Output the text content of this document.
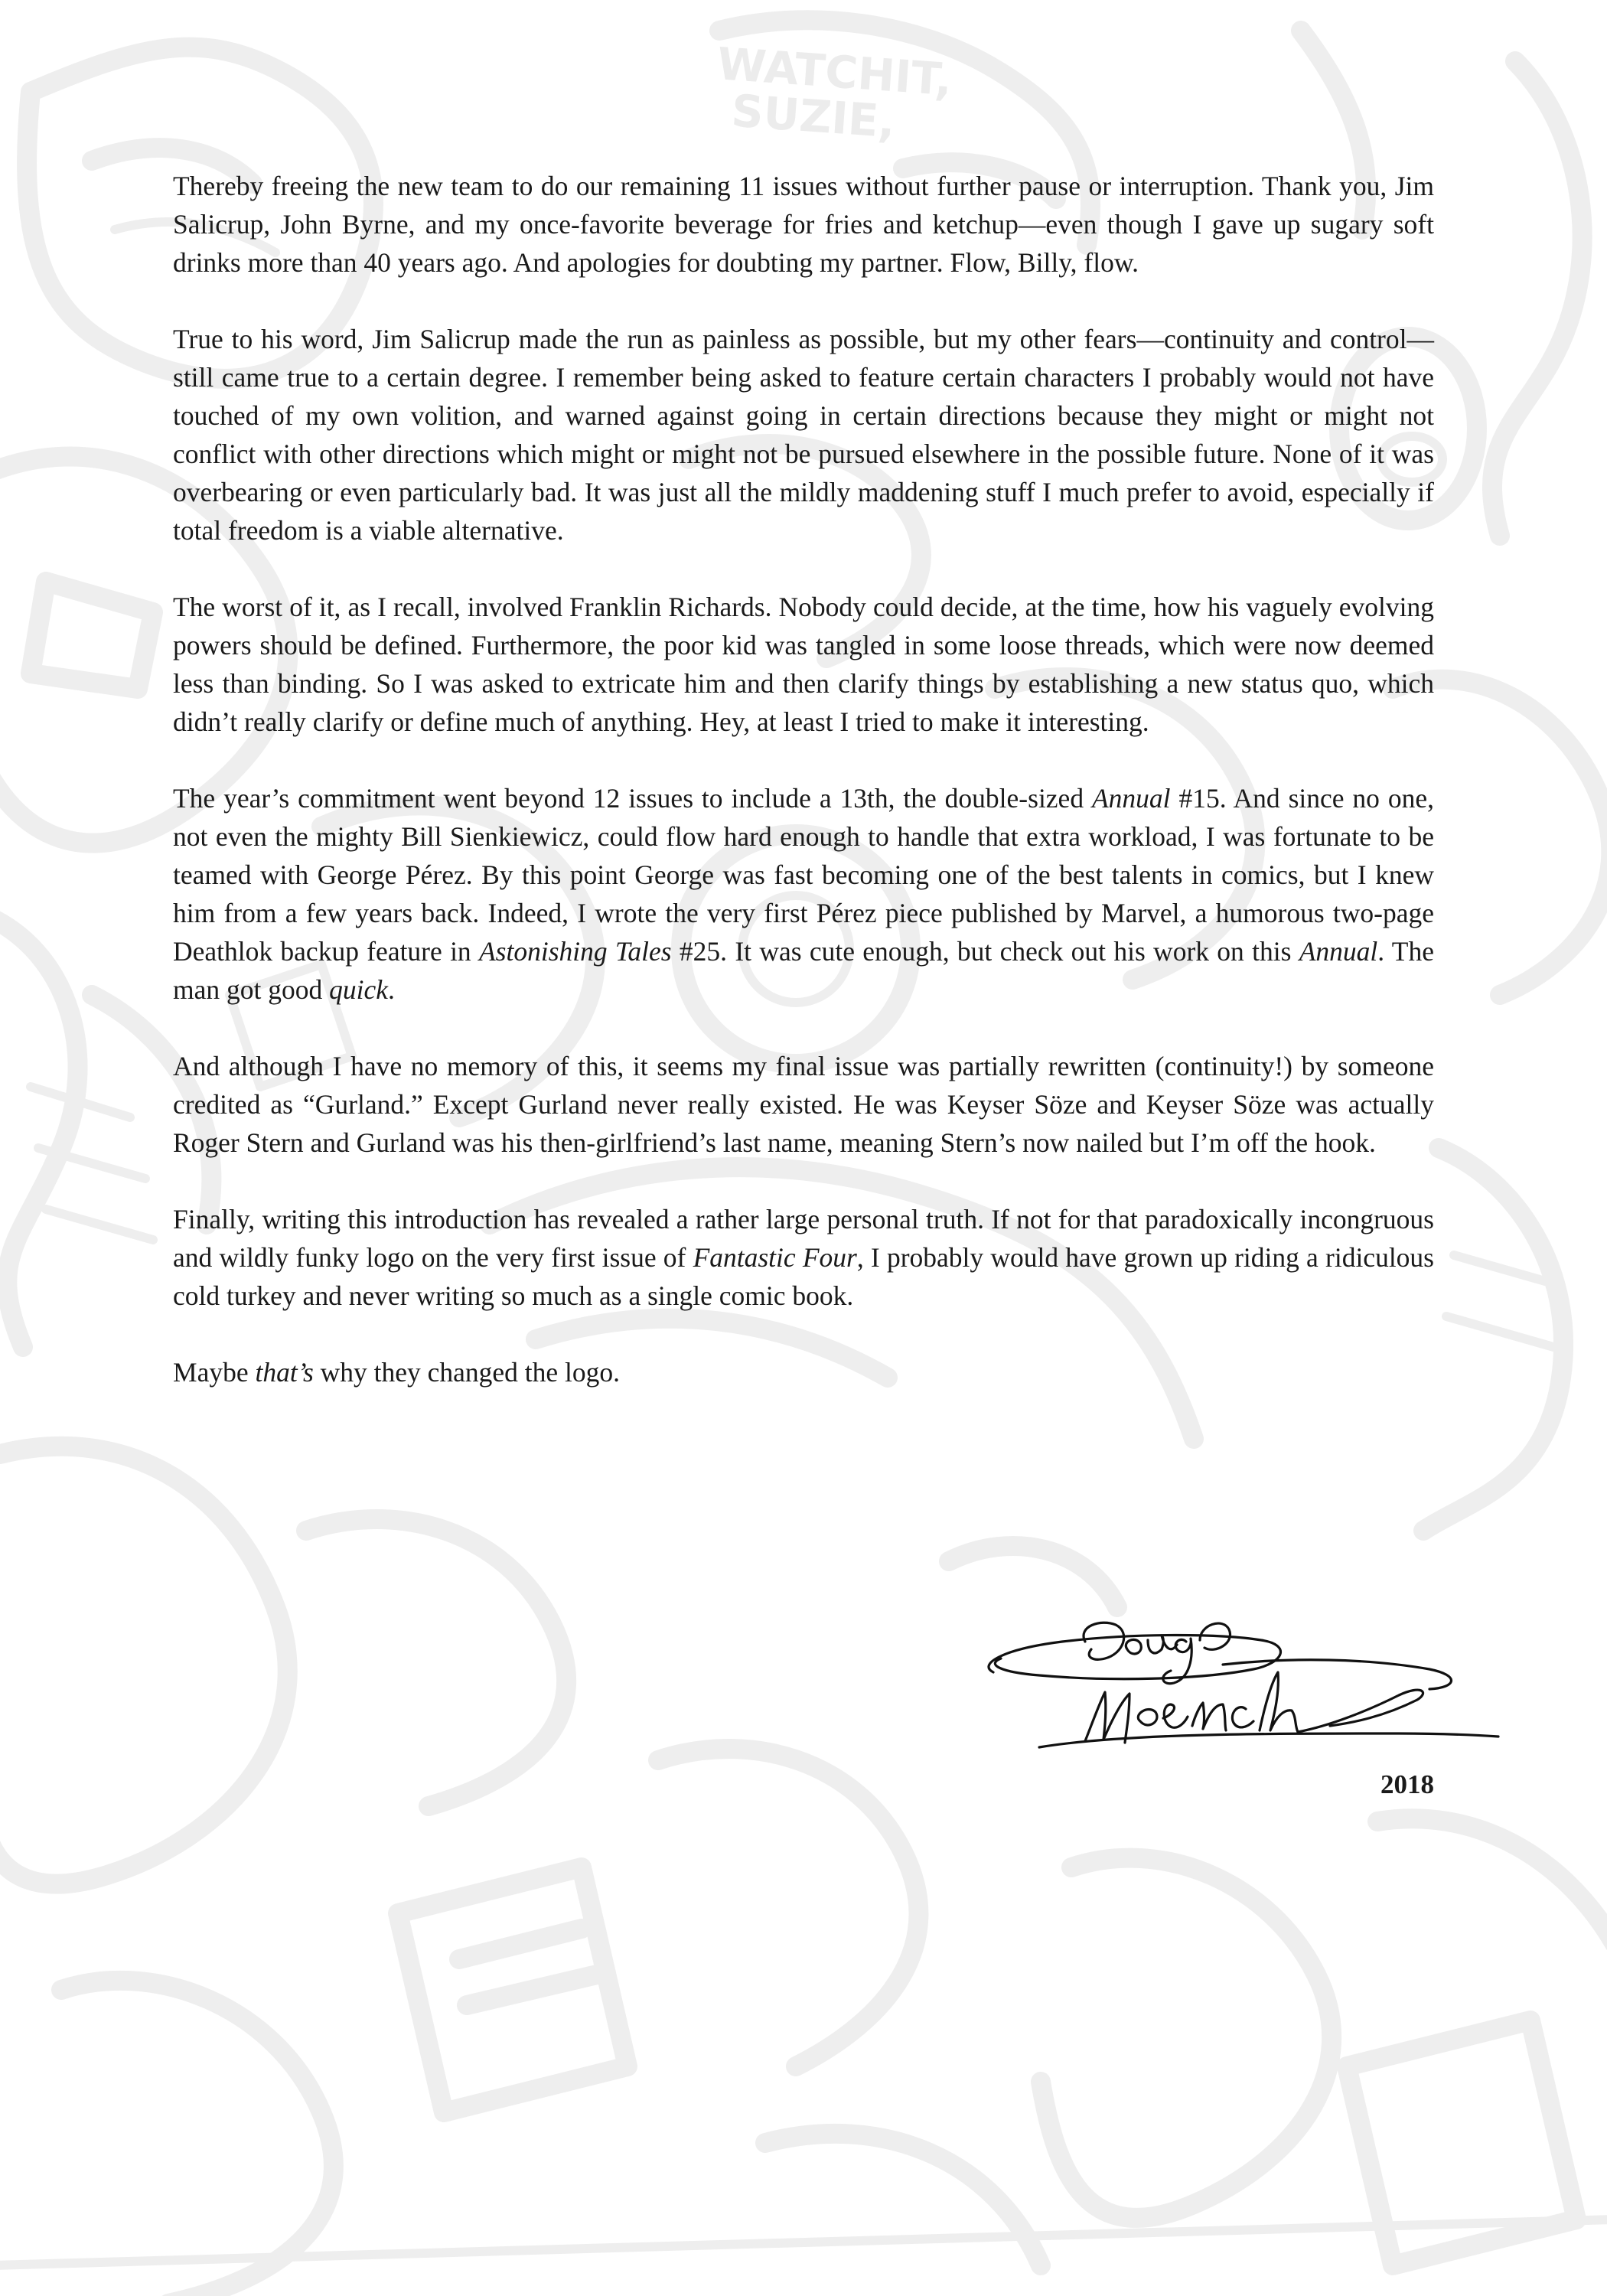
WATCHIT, SUZIE,

Thereby freeing the new team to do our remaining 11 issues without further pause or interruption. Thank you, Jim Salicrup, John Byrne, and my once-favorite beverage for fries and ketchup—even though I gave up sugary soft drinks more than 40 years ago. And apologies for doubting my partner. Flow, Billy, flow.

True to his word, Jim Salicrup made the run as painless as possible, but my other fears—continuity and control—still came true to a certain degree. I remember being asked to feature certain characters I probably would not have touched of my own volition, and warned against going in certain directions because they might or might not conflict with other directions which might or might not be pursued elsewhere in the possible future. None of it was overbearing or even particularly bad. It was just all the mildly maddening stuff I much prefer to avoid, especially if total freedom is a viable alternative.

The worst of it, as I recall, involved Franklin Richards. Nobody could decide, at the time, how his vaguely evolving powers should be defined. Furthermore, the poor kid was tangled in some loose threads, which were now deemed less than binding. So I was asked to extricate him and then clarify things by establishing a new status quo, which didn’t really clarify or define much of anything. Hey, at least I tried to make it interesting.

The year’s commitment went beyond 12 issues to include a 13th, the double-sized Annual #15. And since no one, not even the mighty Bill Sienkiewicz, could flow hard enough to handle that extra workload, I was fortunate to be teamed with George Pérez. By this point George was fast becoming one of the best talents in comics, but I knew him from a few years back. Indeed, I wrote the very first Pérez piece published by Marvel, a humorous two-page Deathlok backup feature in Astonishing Tales #25. It was cute enough, but check out his work on this Annual. The man got good quick.

And although I have no memory of this, it seems my final issue was partially rewritten (continuity!) by someone credited as “Gurland.” Except Gurland never really existed. He was Keyser Söze and Keyser Söze was actually Roger Stern and Gurland was his then-girlfriend’s last name, meaning Stern’s now nailed but I’m off the hook.

Finally, writing this introduction has revealed a rather large personal truth. If not for that paradoxically incongruous and wildly funky logo on the very first issue of Fantastic Four, I probably would have grown up riding a ridiculous cold turkey and never writing so much as a single comic book.

Maybe that’s why they changed the logo.

2018
